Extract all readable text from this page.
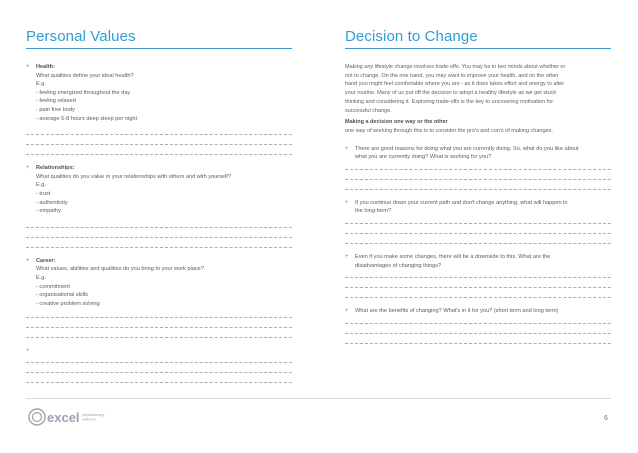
Personal Values
+ Health:
What qualities define your ideal health?
E.g.
- feeling energized throughout the day
- feeling relaxed
- pain free body
- average 6-8 hours deep sleep per night
+ Relationships:
What qualities do you value in your relationships with others and with yourself?
E.g.
- trust
- authenticity
- empathy
+ Career:
What values, abilities and qualities do you bring to your work place?
E.g.
- commitment
- organisational skills
- creative problem solving
+
Decision to Change
Making any lifestyle change involves trade-offs. You may be in two minds about whether or
not to change. On the one hand, you may want to improve your health, and on the other
hand you might feel comfortable where you are - as it does takes effort and energy to alter
your routine. Many of us put off the decision to adopt a healthy lifestyle as we get stuck
thinking and considering it. Exploring trade-offs is the key to uncovering motivation for
successful change.
Making a decision one way or the other
one way of working through this is to consider the pro's and con's of making changes.
+ There are good reasons for doing what you are currently doing. So, what do you like about
what you are currently doing? What is working for you?
+ If you continue down your current path and don't change anything, what will happen in
the long-term?
+ Even if you make some changes, there will be a downside to this. What are the
disadvantages of changing things?
+ What are the benefits of changing? What's in it for you? (short term and long term)
excel physiotherapy
wellness	6
